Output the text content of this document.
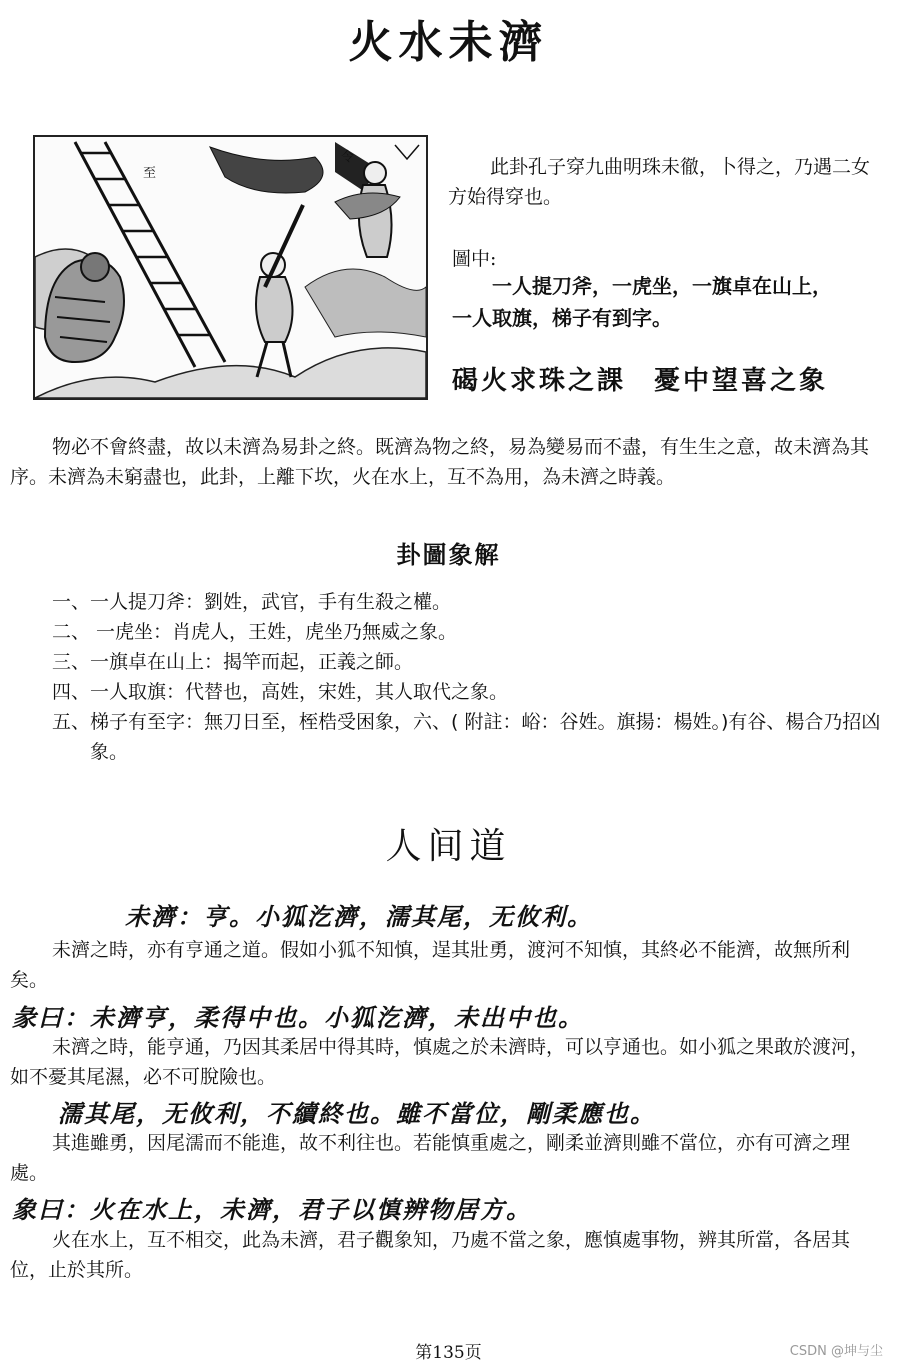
火水未濟
至
令	此卦孔子穿九曲明珠未徹，卜得之，乃遇二女方始得穿也。

圖中:

一人提刀斧，一虎坐，一旗卓在山上，

一人取旗，梯子有到字。

碣火求珠之課 憂中望喜之象

物必不會終盡，故以未濟為易卦之終。既濟為物之終，易為變易而不盡，有生生之意，故未濟為其序。未濟為未窮盡也，此卦，上離下坎，火在水上，互不為用，為未濟之時義。

卦圖象解
一、 一人提刀斧：劉姓，武官，手有生殺之權。
二、 一虎坐：肖虎人，王姓，虎坐乃無威之象。
三、 一旗卓在山上：揭竿而起，正義之師。
四、 一人取旗：代替也，高姓，宋姓，其人取代之象。
五、 梯子有至字：無刀日至，桎梏受困象，六、( 附註：峪：谷姓。旗揚：楊姓。)有谷、楊合乃招凶象。
人间道
未濟：亨。小狐汔濟，濡其尾，无攸利。

未濟之時，亦有亨通之道。假如小狐不知慎，逞其壯勇，渡河不知慎，其終必不能濟，故無所利矣。

彖曰：未濟亨，柔得中也。小狐汔濟，未出中也。

未濟之時，能亨通，乃因其柔居中得其時，慎處之於未濟時，可以亨通也。如小狐之果敢於渡河，如不憂其尾濕，必不可脫險也。

濡其尾，无攸利，不續終也。雖不當位，剛柔應也。

其進雖勇，因尾濡而不能進，故不利往也。若能慎重處之，剛柔並濟則雖不當位，亦有可濟之理處。

象曰：火在水上，未濟，君子以慎辨物居方。

火在水上，互不相交，此為未濟，君子觀象知，乃處不當之象，應慎處事物，辨其所當，各居其位，止於其所。

第135页	CSDN @坤与尘
